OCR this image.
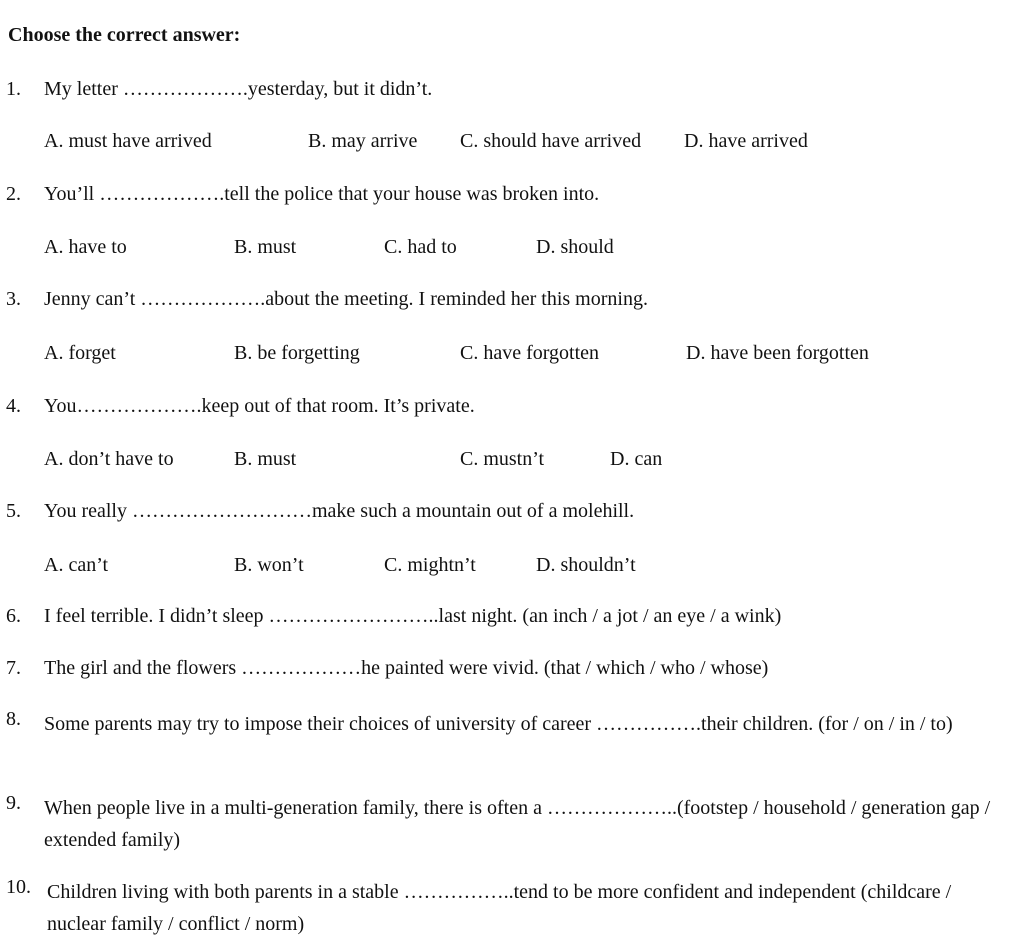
Choose the correct answer:
1. My letter ……………….yesterday, but it didn’t.
A. must have arrived	B. may arrive C. should have arrived D. have arrived
2. You’ll ……………….tell the police that your house was broken into.
A. have to	B. must	C. had to	D. should
3. Jenny can’t ……………….about the meeting. I reminded her this morning.
A. forget	B. be forgetting	C. have forgotten	D. have been forgotten
4. You……………….keep out of that room. It’s private.
A. don’t have to	B. must	C. mustn’t	D. can
5. You really ………………………make such a mountain out of a molehill.
A. can’t	B. won’t	C. mightn’t	D. shouldn’t
6. I feel terrible. I didn’t sleep ……………………..last night. (an inch / a jot / an eye / a wink)
7. The girl and the flowers ………………he painted were vivid. (that / which / who / whose)
8. Some parents may try to impose their choices of university of career …………….their children. (for / on / in / to)
9. When people live in a multi-generation family, there is often a ………………..(footstep / household / generation gap / extended family)
10. Children living with both parents in a stable ……………..tend to be more confident and independent (childcare / nuclear family / conflict / norm)
